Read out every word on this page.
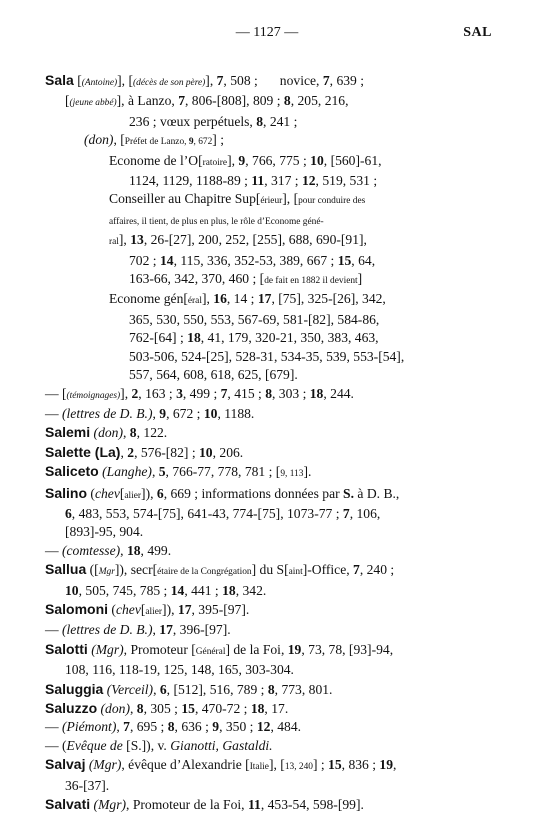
— 1127 —	SAL
Sala [(Antoine)], [(décès de son père)], 7, 508 ; novice, 7, 639 ;
[(jeune abbé)], à Lanzo, 7, 806-[808], 809 ; 8, 205, 216,
236 ; vœux perpétuels, 8, 241 ;
(don), [Préfet de Lanzo, 9, 672] ;
Econome de l’O[ratoire], 9, 766, 775 ; 10, [560]-61,
1124, 1129, 1188-89 ; 11, 317 ; 12, 519, 531 ;
Conseiller au Chapitre Sup[érieur], [pour conduire des
affaires, il tient, de plus en plus, le rôle d’Econome géné-
ral], 13, 26-[27], 200, 252, [255], 688, 690-[91],
702 ; 14, 115, 336, 352-53, 389, 667 ; 15, 64,
163-66, 342, 370, 460 ; [de fait en 1882 il devient]
Econome gén[éral], 16, 14 ; 17, [75], 325-[26], 342,
365, 530, 550, 553, 567-69, 581-[82], 584-86,
762-[64] ; 18, 41, 179, 320-21, 350, 383, 463,
503-506, 524-[25], 528-31, 534-35, 539, 553-[54],
557, 564, 608, 618, 625, [679].
— [(témoignages)], 2, 163 ; 3, 499 ; 7, 415 ; 8, 303 ; 18, 244.
— (lettres de D. B.), 9, 672 ; 10, 1188.
Salemi (don), 8, 122.
Salette (La), 2, 576-[82] ; 10, 206.
Saliceto (Langhe), 5, 766-77, 778, 781 ; [9, 113].
Salino (chev[alier]), 6, 669 ; informations données par S. à D. B.,
6, 483, 553, 574-[75], 641-43, 774-[75], 1073-77 ; 7, 106,
[893]-95, 904.
— (comtesse), 18, 499.
Sallua ([Mgr]), secr[étaire de la Congrégation] du S[aint]-Office, 7, 240 ;
10, 505, 745, 785 ; 14, 441 ; 18, 342.
Salomoni (chev[alier]), 17, 395-[97].
— (lettres de D. B.), 17, 396-[97].
Salotti (Mgr), Promoteur [Général] de la Foi, 19, 73, 78, [93]-94,
108, 116, 118-19, 125, 148, 165, 303-304.
Saluggia (Verceil), 6, [512], 516, 789 ; 8, 773, 801.
Saluzzo (don), 8, 305 ; 15, 470-72 ; 18, 17.
— (Piémont), 7, 695 ; 8, 636 ; 9, 350 ; 12, 484.
— (Evêque de [S.]), v. Gianotti, Gastaldi.
Salvaj (Mgr), évêque d’Alexandrie [Italie], [13, 240] ; 15, 836 ; 19,
36-[37].
Salvati (Mgr), Promoteur de la Foi, 11, 453-54, 598-[99].
